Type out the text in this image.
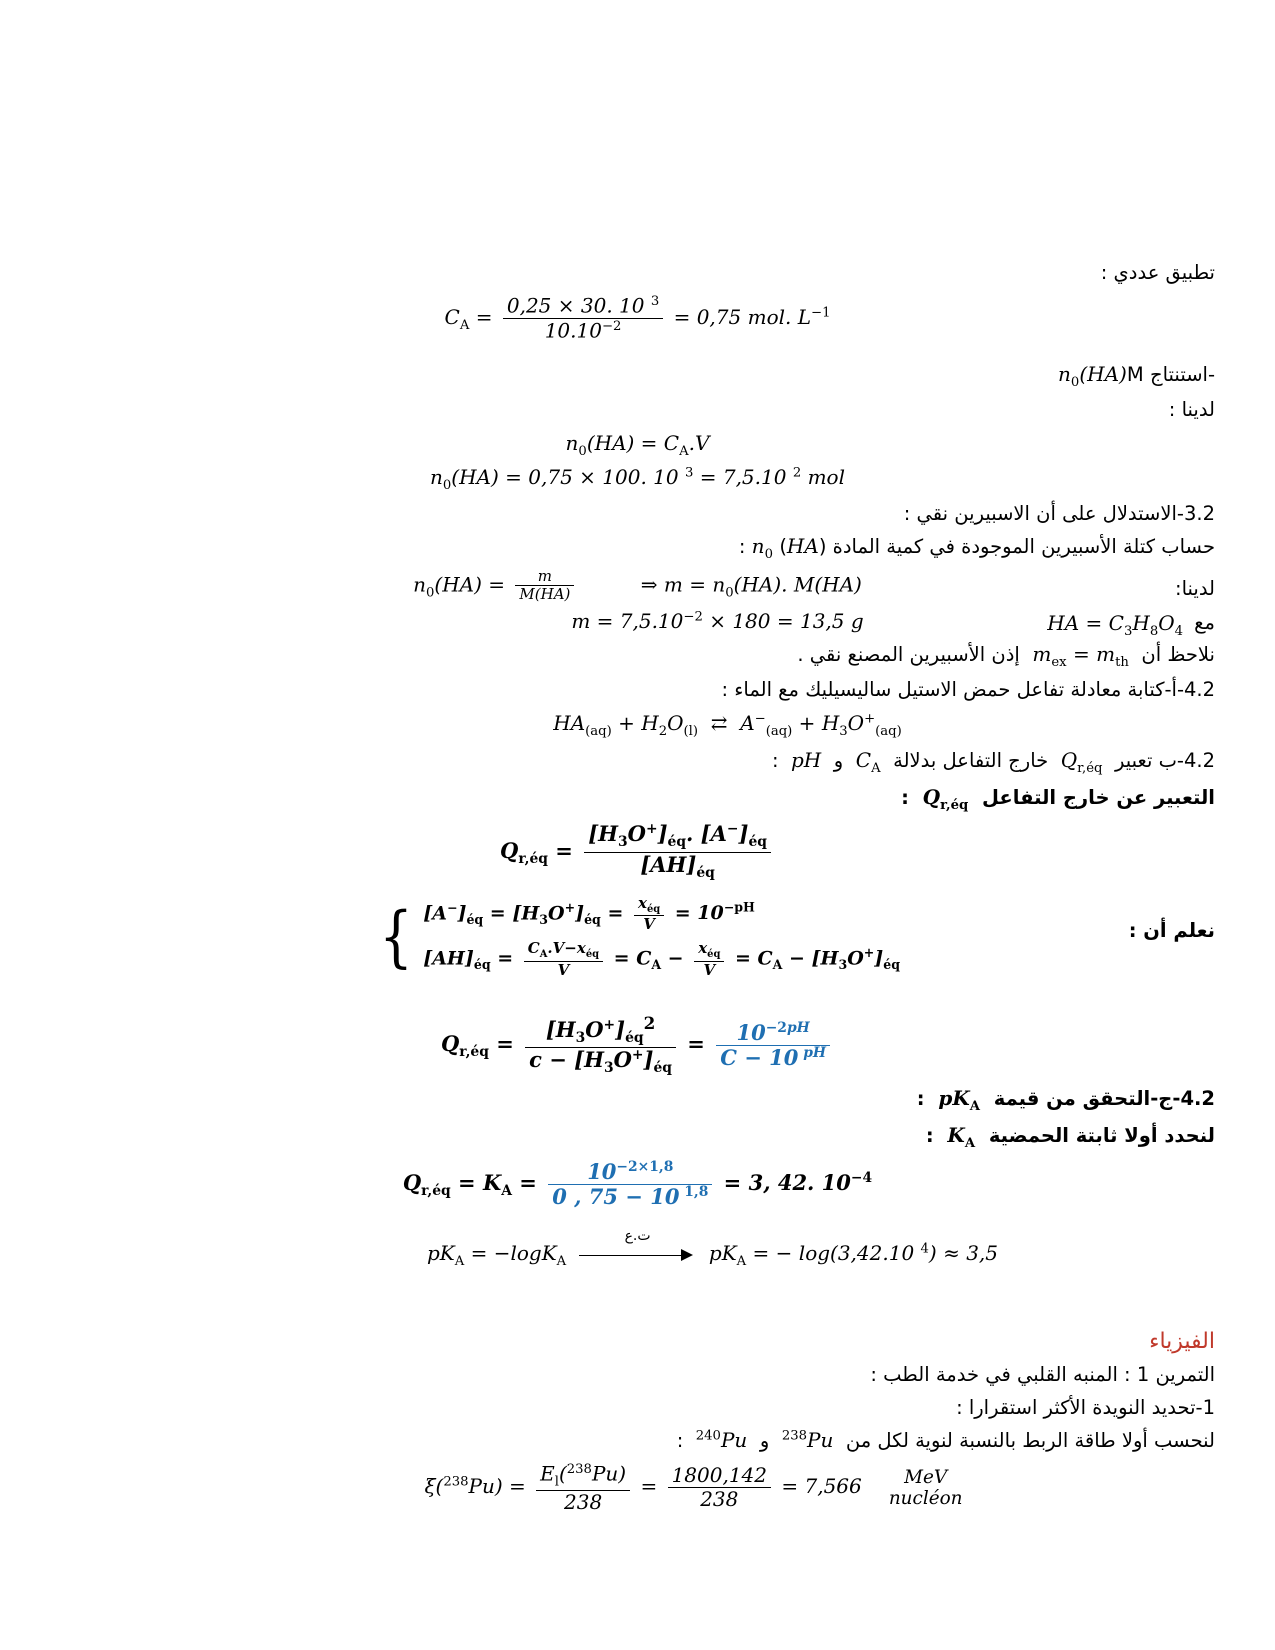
تطبيق عددي :
$C_A = \frac{0,25 \times 30. 10 ^3}{10.10^{-2}} = 0,75$ mol. $L^{-1}$
-استنتاج $n_0(HA)M$
لدينا :
$n_0(HA) = C_A.V$
$n_0(HA) = 0,75 \times 100$. 10 $^3$ = 7,5.10 $^2$ mol
3.2-الاستدلال على أن الاسبيرين نقي :
حساب كتلة الأسبيرين الموجودة في كمية المادة (HA) $n_0$ :
$n_0(HA) = \frac{m}{M(HA)}$	⇒ $m = n_0(HA)$. M(HA)	لدينا:
$m = 7,5.10^{-2} \times 180 = 13,5$ g	مع
HA = $C_3H_8O_4$
نلاحظ أن  $m_{ex} = m_{th}$  إذن الأسبيرين المصنع نقي .
4.2-أ-كتابة معادلة تفاعل حمض الاستيل ساليسيليك مع الماء :
$HA_{(aq)} + H_2O_{(l)}$  ⇄  $A^-_{(aq)} + H_3O^+_{(aq)}$
4.2-ب تعبير  $Q_{r,éq}$  خارج التفاعل بدلالة  $C_A$  و  pH  :
التعبير عن خارج التفاعل  $Q_{r,éq}$  :
$Q_{r,éq} = \frac{[H_3O^+]_{éq}. [A^-]_{éq}}{[AH]_{éq}}$
{ $[A^-]_{éq} = [H_3O^+]_{éq} = \frac{x_{éq}}{V} = 10^{-pH}$
$[AH]_{éq} = \frac{C_A.V-x_{éq}}{V} = C_A - \frac{x_{éq}}{V} = C_A - [H_3O^+]_{éq}$
نعلم أن :
$Q_{r,éq} = \frac{[H_3O^+]_{éq}^2}{c - [H_3O^+]_{éq}} = \frac{10^{-2pH}}{C - 10 ^{pH}}$
4.2-ج-التحقق من قيمة  $pK_A$  :
لنحدد أولا ثابتة الحمضية  $K_A$  :
$Q_{r,éq} = K_A = \frac{10^{-2\times 1,8}}{0 , 75 - 10 ^{1,8}} = 3$, 42. $10^{-4}$
$pK_A = -\log K_A$
ت.ع
$pK_A$ = − log(3,42.10 $^4$) ≈ 3,5
الفيزياء
التمرين 1 : المنبه القلبي في خدمة الطب :
1-تحديد النويدة الأكثر استقرارا :
لنحسب أولا طاقة الربط بالنسبة لنوية لكل من  $^{238}$Pu  و  $^{240}$Pu  :
$\xi(^{238}Pu) = \frac{E_l(^{238}Pu)}{238} = \frac{1800,142}{238} = 7,566$	MeV
nucléon
